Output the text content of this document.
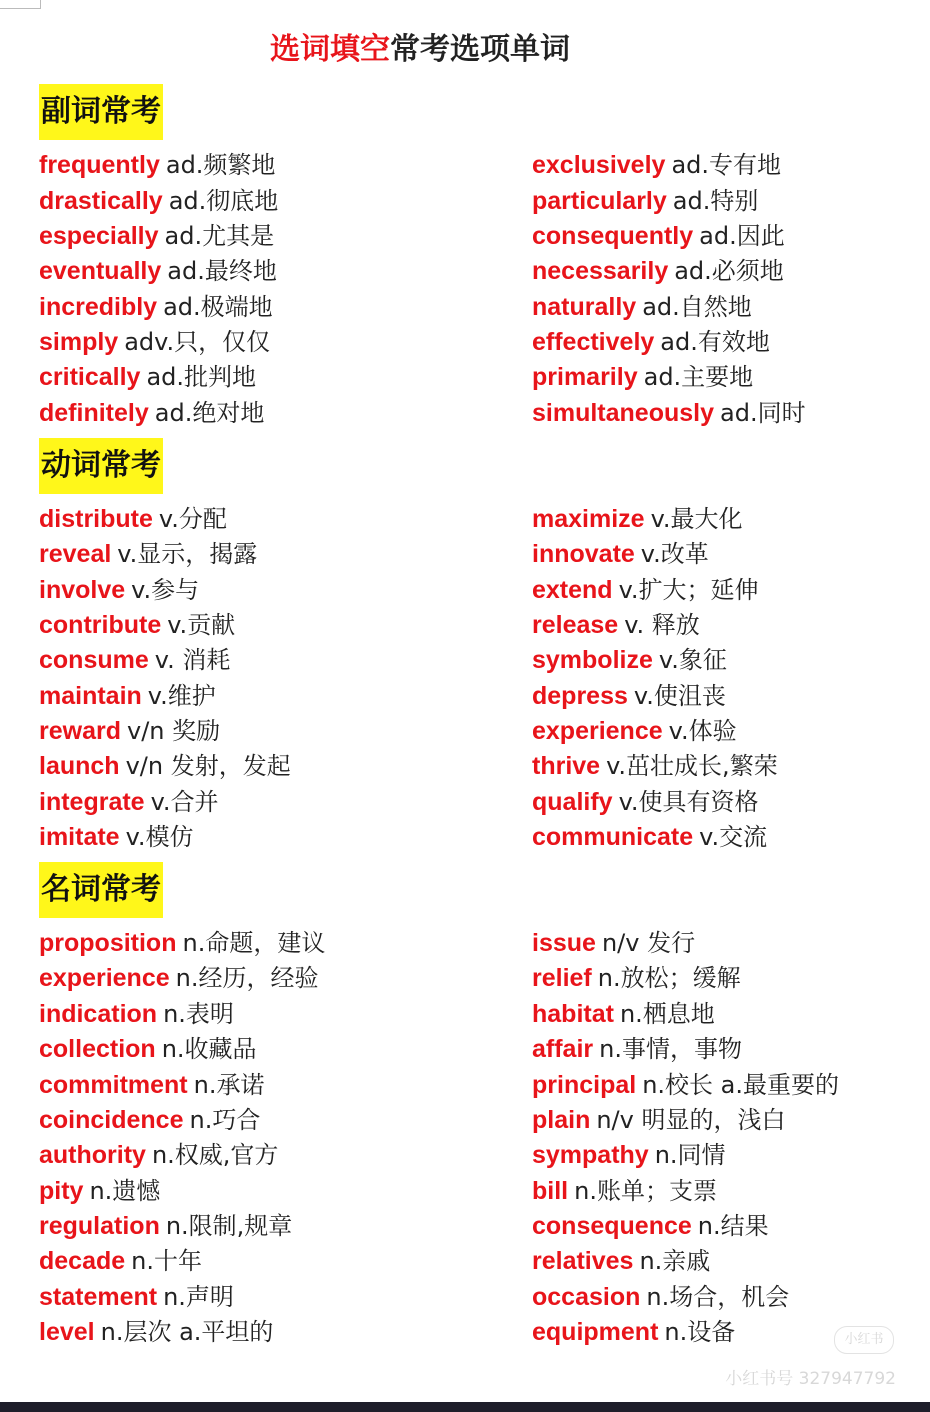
选词填空常考选项单词
副词常考
frequently ad.频繁地
drastically ad.彻底地
especially ad.尤其是
eventually ad.最终地
incredibly ad.极端地
simply adv.只，仅仅
critically ad.批判地
definitely ad.绝对地
exclusively ad.专有地
particularly ad.特别
consequently ad.因此
necessarily ad.必须地
naturally ad.自然地
effectively ad.有效地
primarily ad.主要地
simultaneously ad.同时
动词常考
distribute v.分配
reveal v.显示，揭露
involve v.参与
contribute v.贡献
consume v. 消耗
maintain v.维护
reward v/n 奖励
launch v/n 发射，发起
integrate v.合并
imitate v.模仿
maximize v.最大化
innovate v.改革
extend v.扩大；延伸
release v. 释放
symbolize v.象征
depress v.使沮丧
experience v.体验
thrive v.茁壮成长,繁荣
qualify v.使具有资格
communicate v.交流
名词常考
proposition n.命题，建议
experience n.经历，经验
indication n.表明
collection n.收藏品
commitment n.承诺
coincidence n.巧合
authority n.权威,官方
pity n.遗憾
regulation n.限制,规章
decade n.十年
statement n.声明
level n.层次 a.平坦的
issue n/v 发行
relief n.放松；缓解
habitat n.栖息地
affair n.事情，事物
principal n.校长 a.最重要的
plain n/v 明显的，浅白
sympathy n.同情
bill n.账单；支票
consequence n.结果
relatives n.亲戚
occasion n.场合，机会
equipment n.设备	小红书
小红书号 327947792
